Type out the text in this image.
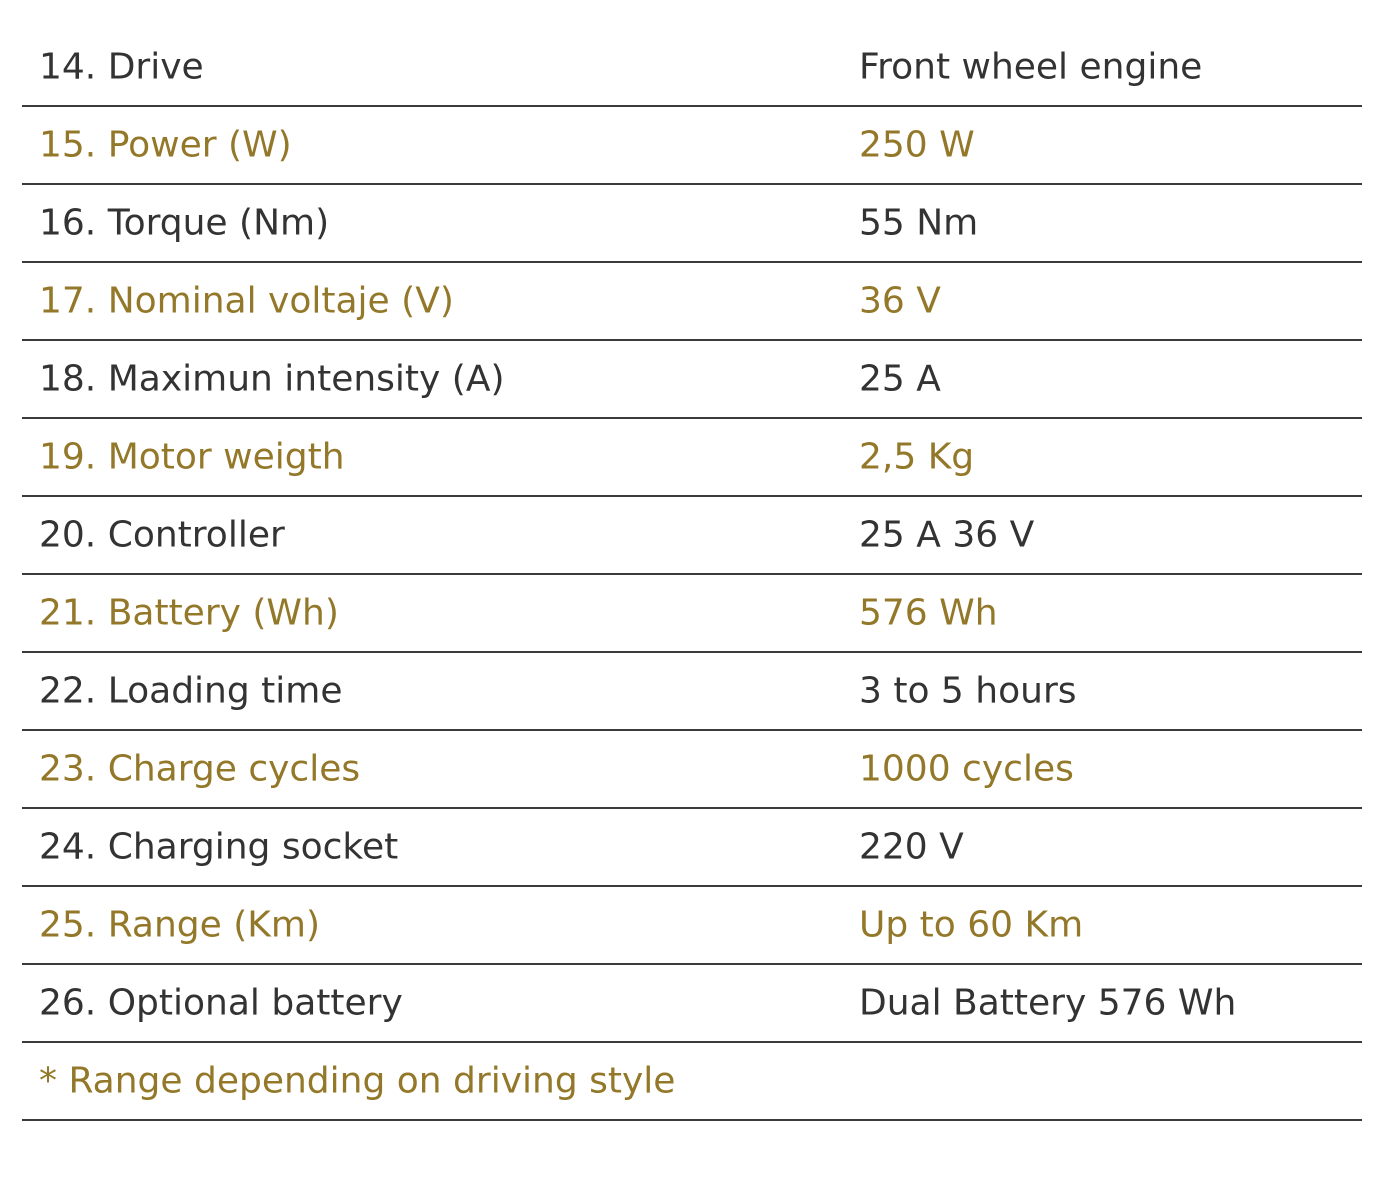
14. Drive	Front wheel engine
15. Power (W)	250 W
16. Torque (Nm)	55 Nm
17. Nominal voltaje (V)	36 V
18. Maximun intensity (A)	25 A
19. Motor weigth	2,5 Kg
20. Controller	25 A 36 V
21. Battery (Wh)	576 Wh
22. Loading time	3 to 5 hours
23. Charge cycles	1000 cycles
24. Charging socket	220 V
25. Range (Km)	Up to 60 Km
26. Optional battery	Dual Battery 576 Wh
* Range depending on driving style
